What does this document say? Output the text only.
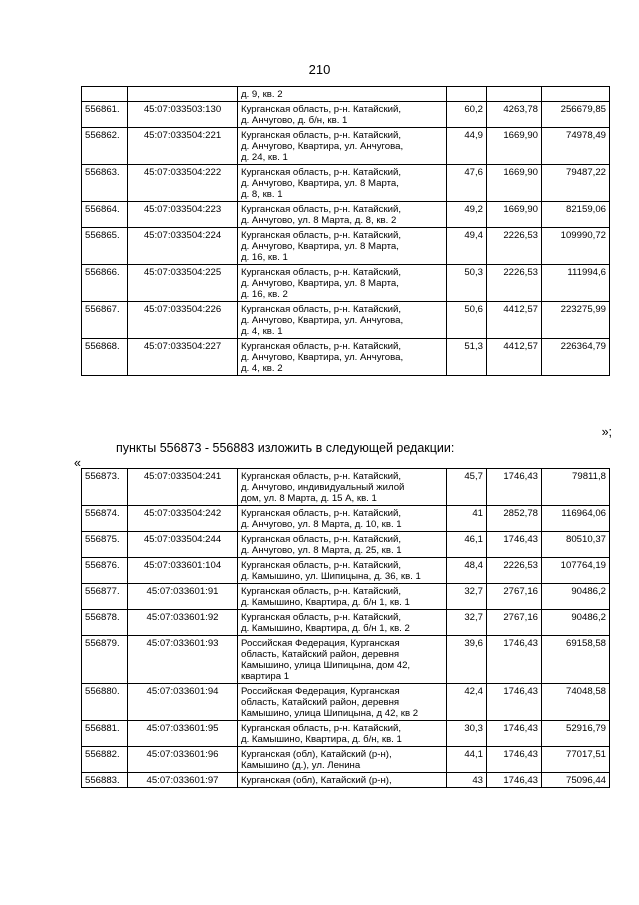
210

		д. 9, кв. 2			

556861.	45:07:033503:130	Курганская область, р-н. Катайский,
д. Анчугово, д. б/н, кв. 1	60,2	4263,78	256679,85

556862.	45:07:033504:221	Курганская область, р-н. Катайский,
д. Анчугово, Квартира, ул. Анчугова,
д. 24, кв. 1	44,9	1669,90	74978,49

556863.	45:07:033504:222	Курганская область, р-н. Катайский,
д. Анчугово, Квартира, ул. 8 Марта,
д. 8, кв. 1	47,6	1669,90	79487,22

556864.	45:07:033504:223	Курганская область, р-н. Катайский,
д. Анчугово, ул. 8 Марта, д. 8, кв. 2	49,2	1669,90	82159,06

556865.	45:07:033504:224	Курганская область, р-н. Катайский,
д. Анчугово, Квартира, ул. 8 Марта,
д. 16, кв. 1	49,4	2226,53	109990,72

556866.	45:07:033504:225	Курганская область, р-н. Катайский,
д. Анчугово, Квартира, ул. 8 Марта,
д. 16, кв. 2	50,3	2226,53	111994,6

556867.	45:07:033504:226	Курганская область, р-н. Катайский,
д. Анчугово, Квартира, ул. Анчугова,
д. 4, кв. 1	50,6	4412,57	223275,99

556868.	45:07:033504:227	Курганская область, р-н. Катайский,
д. Анчугово, Квартира, ул. Анчугова,
д. 4, кв. 2	51,3	4412,57	226364,79
»;
пункты 556873 - 556883 изложить в следующей редакции:
«
556873.	45:07:033504:241	Курганская область, р-н. Катайский,
д. Анчугово, индивидуальный жилой
дом, ул. 8 Марта, д. 15 А, кв. 1	45,7	1746,43	79811,8

556874.	45:07:033504:242	Курганская область, р-н. Катайский,
д. Анчугово, ул. 8 Марта, д. 10, кв. 1	41	2852,78	116964,06

556875.	45:07:033504:244	Курганская область, р-н. Катайский,
д. Анчугово, ул. 8 Марта, д. 25, кв. 1	46,1	1746,43	80510,37

556876.	45:07:033601:104	Курганская область, р-н. Катайский,
д. Камышино, ул. Шипицына, д. 36, кв. 1	48,4	2226,53	107764,19

556877.	45:07:033601:91	Курганская область, р-н. Катайский,
д. Камышино, Квартира, д. б/н 1, кв. 1	32,7	2767,16	90486,2

556878.	45:07:033601:92	Курганская область, р-н. Катайский,
д. Камышино, Квартира, д. б/н 1, кв. 2	32,7	2767,16	90486,2

556879.	45:07:033601:93	Российская Федерация, Курганская
область, Катайский район, деревня
Камышино, улица Шипицына, дом 42,
квартира 1	39,6	1746,43	69158,58

556880.	45:07:033601:94	Российская Федерация, Курганская
область, Катайский район, деревня
Камышино, улица Шипицына, д 42, кв 2	42,4	1746,43	74048,58

556881.	45:07:033601:95	Курганская область, р-н. Катайский,
д. Камышино, Квартира, д. б/н, кв. 1	30,3	1746,43	52916,79

556882.	45:07:033601:96	Курганская (обл), Катайский (р-н),
Камышино (д.), ул. Ленина	44,1	1746,43	77017,51

556883.	45:07:033601:97	Курганская (обл), Катайский (р-н),	43	1746,43	75096,44
